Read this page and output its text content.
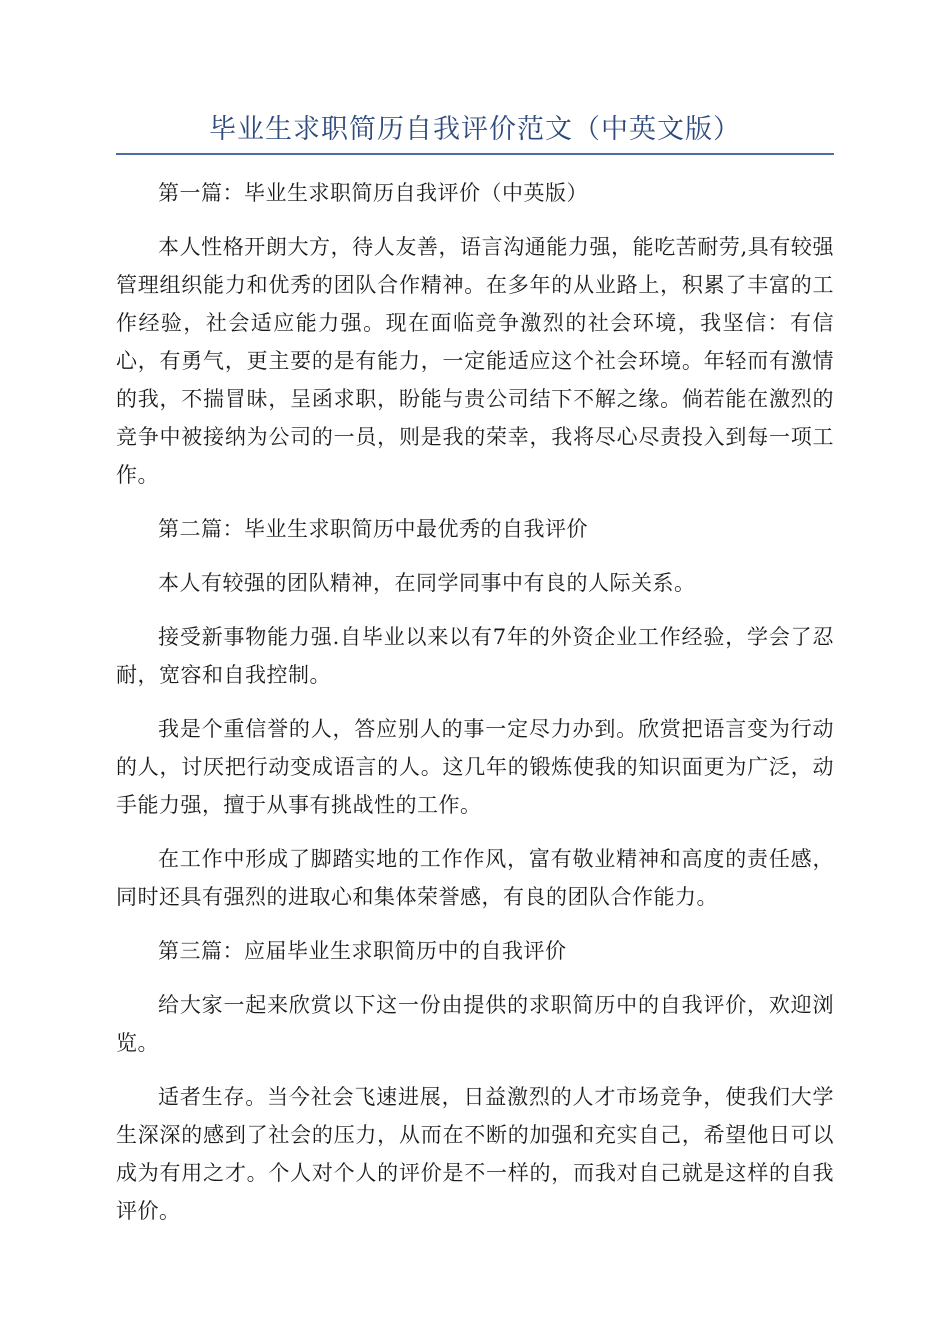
毕业生求职简历自我评价范文（中英文版）

第一篇：毕业生求职简历自我评价（中英版）

本人性格开朗大方，待人友善，语言沟通能力强，能吃苦耐劳,具有较强管理组织能力和优秀的团队合作精神。在多年的从业路上，积累了丰富的工作经验，社会适应能力强。现在面临竞争激烈的社会环境，我坚信：有信心，有勇气，更主要的是有能力，一定能适应这个社会环境。年轻而有激情的我，不揣冒昧，呈函求职，盼能与贵公司结下不解之缘。倘若能在激烈的竞争中被接纳为公司的一员，则是我的荣幸，我将尽心尽责投入到每一项工作。

第二篇：毕业生求职简历中最优秀的自我评价

本人有较强的团队精神，在同学同事中有良的人际关系。

接受新事物能力强.自毕业以来以有7年的外资企业工作经验，学会了忍耐，宽容和自我控制。

我是个重信誉的人，答应别人的事一定尽力办到。欣赏把语言变为行动的人，讨厌把行动变成语言的人。这几年的锻炼使我的知识面更为广泛，动手能力强，擅于从事有挑战性的工作。

在工作中形成了脚踏实地的工作作风，富有敬业精神和高度的责任感，同时还具有强烈的进取心和集体荣誉感，有良的团队合作能力。

第三篇：应届毕业生求职简历中的自我评价

给大家一起来欣赏以下这一份由提供的求职简历中的自我评价，欢迎浏览。

适者生存。当今社会飞速进展，日益激烈的人才市场竞争，使我们大学生深深的感到了社会的压力，从而在不断的加强和充实自己，希望他日可以成为有用之才。个人对个人的评价是不一样的，而我对自己就是这样的自我评价。
